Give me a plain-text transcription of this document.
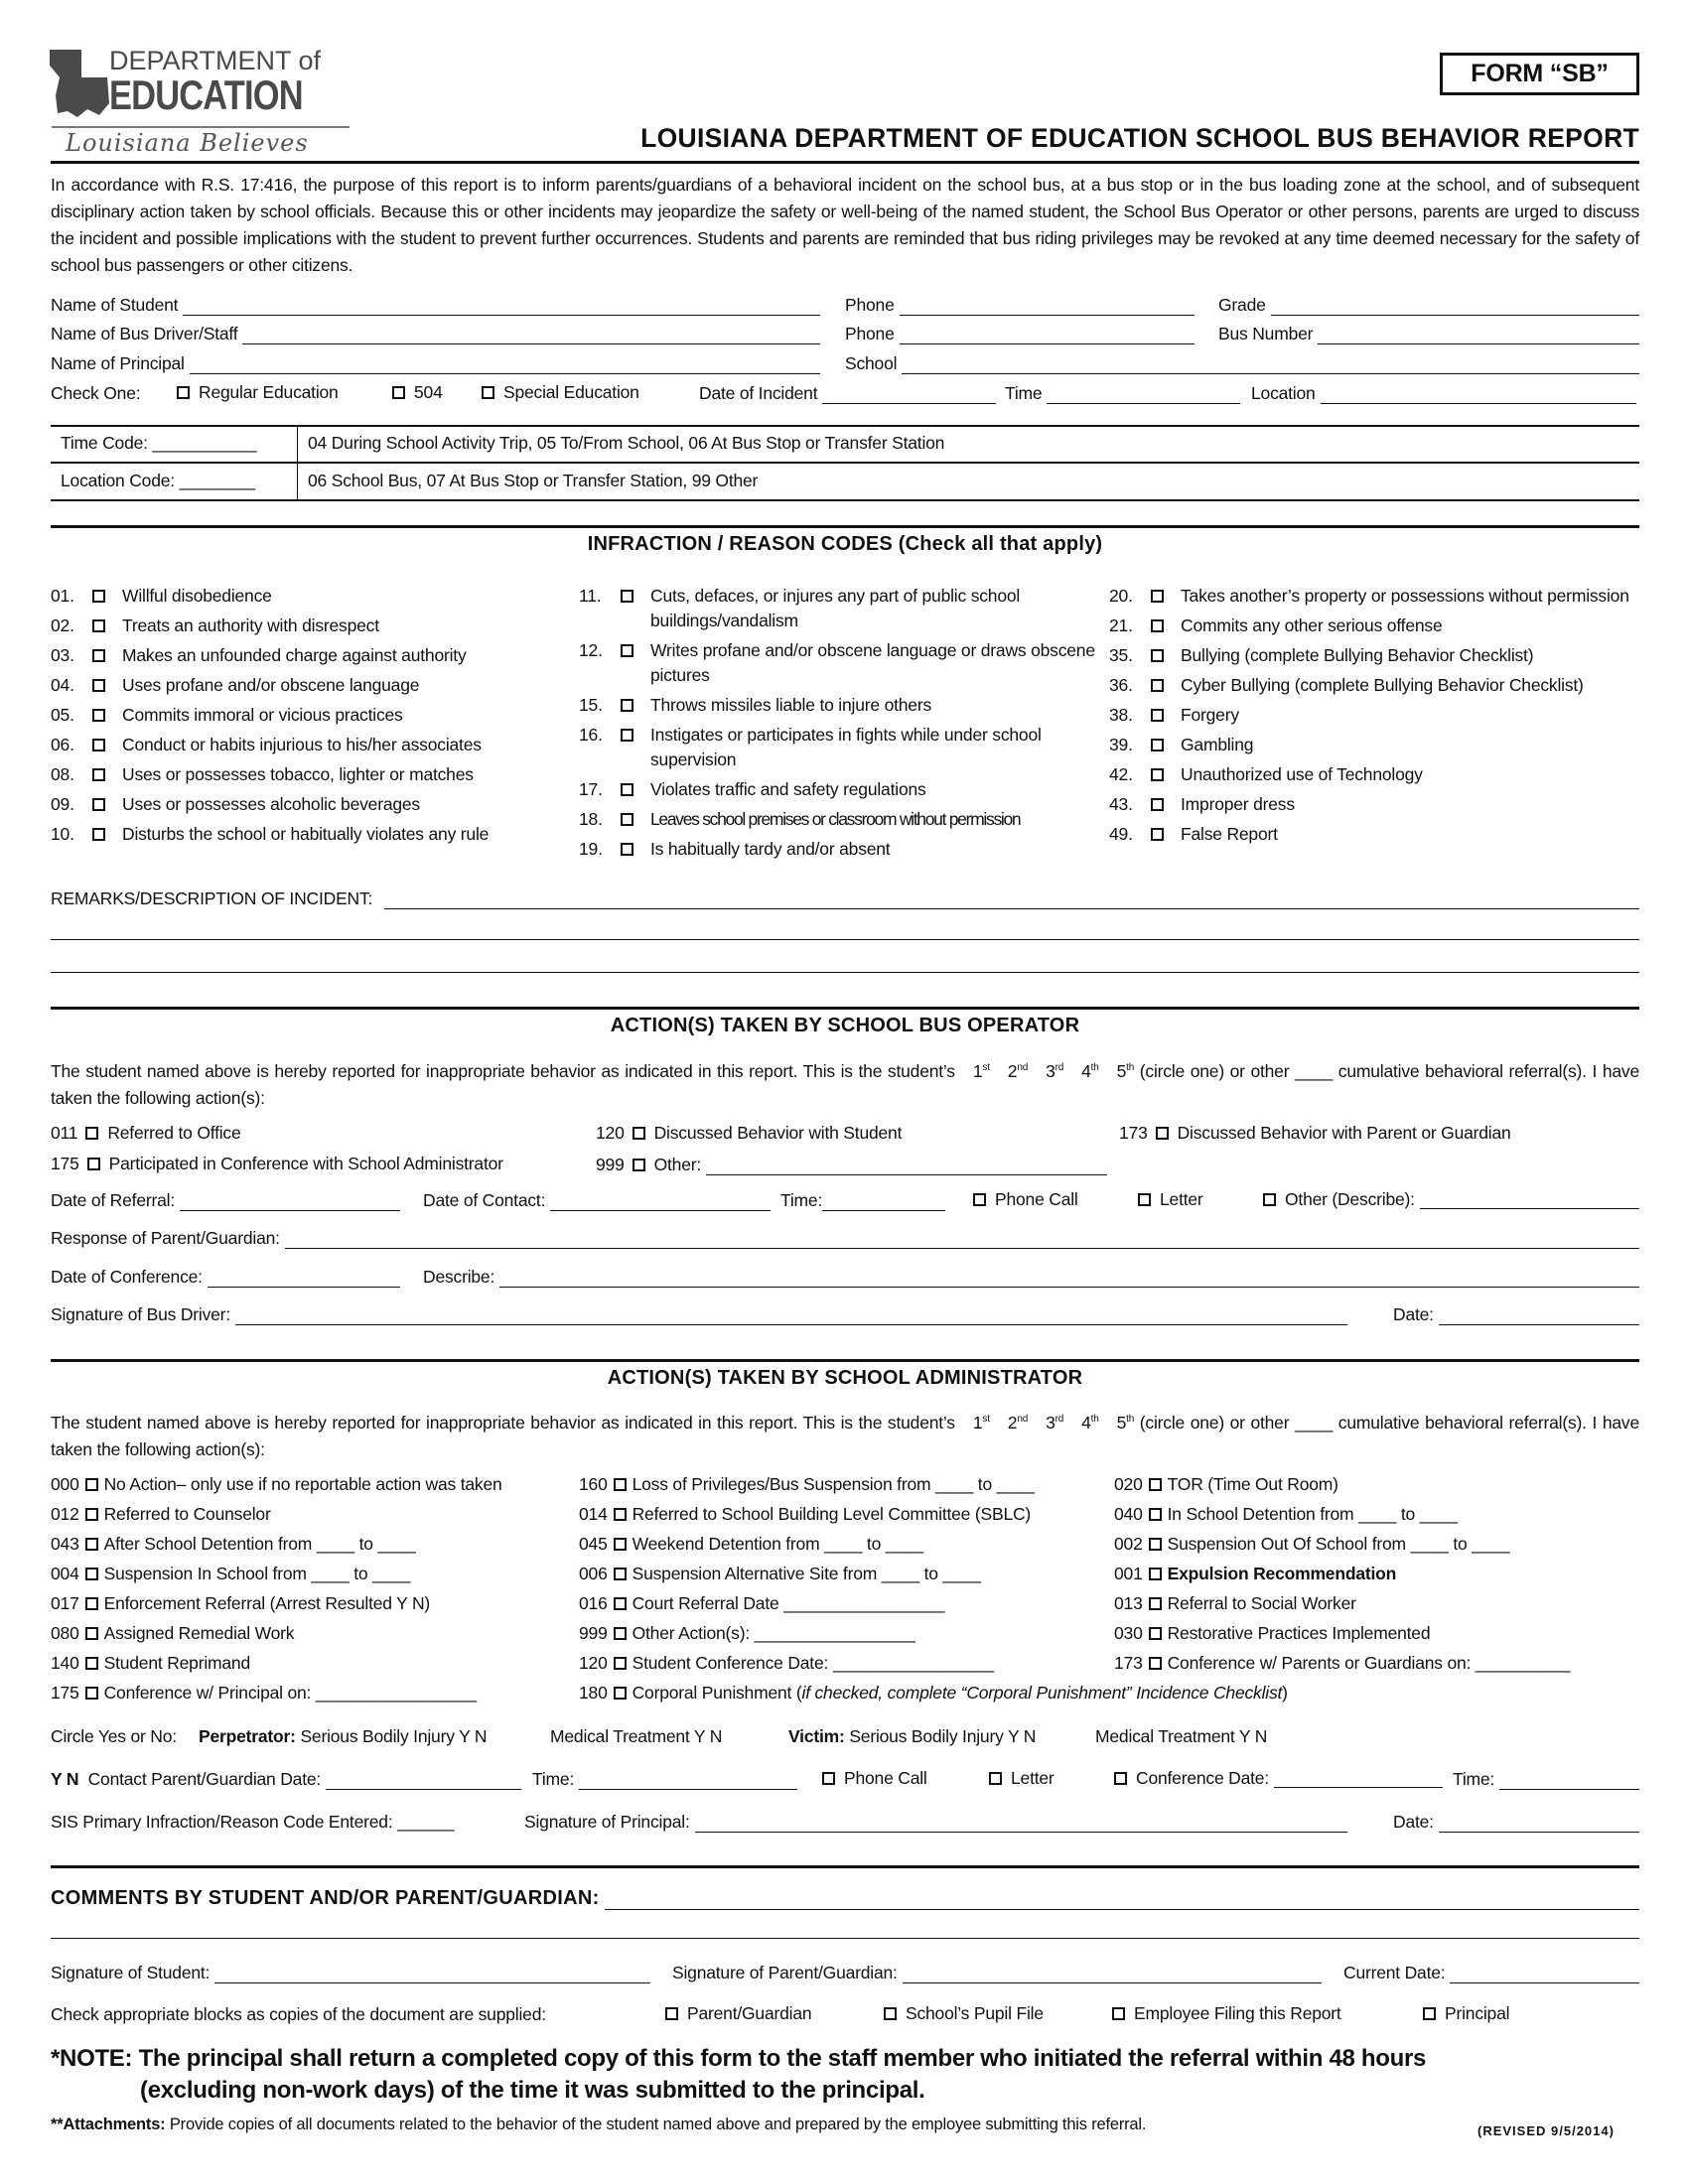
DEPARTMENT of
EDUCATION
Louisiana Believes
FORM “SB”
LOUISIANA DEPARTMENT OF EDUCATION SCHOOL BUS BEHAVIOR REPORT
In accordance with R.S. 17:416, the purpose of this report is to inform parents/guardians of a behavioral incident on the school bus, at a bus stop or in the bus loading zone at the school, and of subsequent disciplinary action taken by school officials. Because this or other incidents may jeopardize the safety or well-being of the named student, the School Bus Operator or other persons, parents are urged to discuss the incident and possible implications with the student to prevent further occurrences. Students and parents are reminded that bus riding privileges may be revoked at any time deemed necessary for the safety of school bus passengers or other citizens.
Name of Student	Phone	Grade
Name of Bus Driver/Staff	Phone	Bus Number
Name of Principal	School
Check One:	Regular Education	504	Special Education	Date of Incident	Time	Location
Time Code: ___________	04 During School Activity Trip, 05 To/From School, 06 At Bus Stop or Transfer Station
Location Code: ________	06 School Bus, 07 At Bus Stop or Transfer Station, 99 Other
INFRACTION / REASON CODES (Check all that apply)
01.	Willful disobedience
02.	Treats an authority with disrespect
03.	Makes an unfounded charge against authority
04.	Uses profane and/or obscene language
05.	Commits immoral or vicious practices
06.	Conduct or habits injurious to his/her associates
08.	Uses or possesses tobacco, lighter or matches
09.	Uses or possesses alcoholic beverages
10.	Disturbs the school or habitually violates any rule
11.	Cuts, defaces, or injures any part of public school buildings/vandalism
12.	Writes profane and/or obscene language or draws obscene pictures
15.	Throws missiles liable to injure others
16.	Instigates or participates in fights while under school supervision
17.	Violates traffic and safety regulations
18.	Leaves school premises or classroom without permission
19.	Is habitually tardy and/or absent
20.	Takes another’s property or possessions without permission
21.	Commits any other serious offense
35.	Bullying (complete Bullying Behavior Checklist)
36.	Cyber Bullying (complete Bullying Behavior Checklist)
38.	Forgery
39.	Gambling
42.	Unauthorized use of Technology
43.	Improper dress
49.	False Report
REMARKS/DESCRIPTION OF INCIDENT:
ACTION(S) TAKEN BY SCHOOL BUS OPERATOR
The student named above is hereby reported for inappropriate behavior as indicated in this report. This is the student’s 1st 2nd 3rd 4th 5th (circle one) or other ____ cumulative behavioral referral(s). I have taken the following action(s):
011 Referred to Office	120 Discussed Behavior with Student	173 Discussed Behavior with Parent or Guardian
175 Participated in Conference with School Administrator	999 Other:
Date of Referral:	Date of Contact:	Time:	Phone Call	Letter	Other (Describe):
Response of Parent/Guardian:
Date of Conference:	Describe:
Signature of Bus Driver:	Date:
ACTION(S) TAKEN BY SCHOOL ADMINISTRATOR
The student named above is hereby reported for inappropriate behavior as indicated in this report. This is the student’s 1st 2nd 3rd 4th 5th (circle one) or other ____ cumulative behavioral referral(s). I have taken the following action(s):
000 No Action– only use if no reportable action was taken
012 Referred to Counselor
043 After School Detention from ____ to ____
004 Suspension In School from ____ to ____
017 Enforcement Referral (Arrest Resulted Y N)
080 Assigned Remedial Work
140 Student Reprimand
175 Conference w/ Principal on: _________________
160 Loss of Privileges/Bus Suspension from ____ to ____
014 Referred to School Building Level Committee (SBLC)
045 Weekend Detention from ____ to ____
006 Suspension Alternative Site from ____ to ____
016 Court Referral Date _________________
999 Other Action(s): _________________
120 Student Conference Date: _________________
180 Corporal Punishment ( if checked, complete “Corporal Punishment” Incidence Checklist )
020 TOR (Time Out Room)
040 In School Detention from ____ to ____
002 Suspension Out Of School from ____ to ____
001 Expulsion Recommendation
013 Referral to Social Worker
030 Restorative Practices Implemented
173 Conference w/ Parents or Guardians on: __________
Circle Yes or No: Perpetrator:
Serious Bodily Injury Y N	Medical Treatment Y N	Victim:
Serious Bodily Injury Y N	Medical Treatment Y N
Y N
Contact Parent/Guardian Date:	Time:	Phone Call	Letter	Conference Date:	Time:
SIS Primary Infraction/Reason Code Entered: ______	Signature of Principal:	Date:
COMMENTS BY STUDENT AND/OR PARENT/GUARDIAN:
Signature of Student:	Signature of Parent/Guardian:	Current Date:
Check appropriate blocks as copies of the document are supplied:	Parent/Guardian	School’s Pupil File	Employee Filing this Report	Principal
*NOTE: The principal shall return a completed copy of this form to the staff member who initiated the referral within 48 hours
(excluding non-work days) of the time it was submitted to the principal.
**Attachments: Provide copies of all documents related to the behavior of the student named above and prepared by the employee submitting this referral.	(REVISED 9/5/2014)
